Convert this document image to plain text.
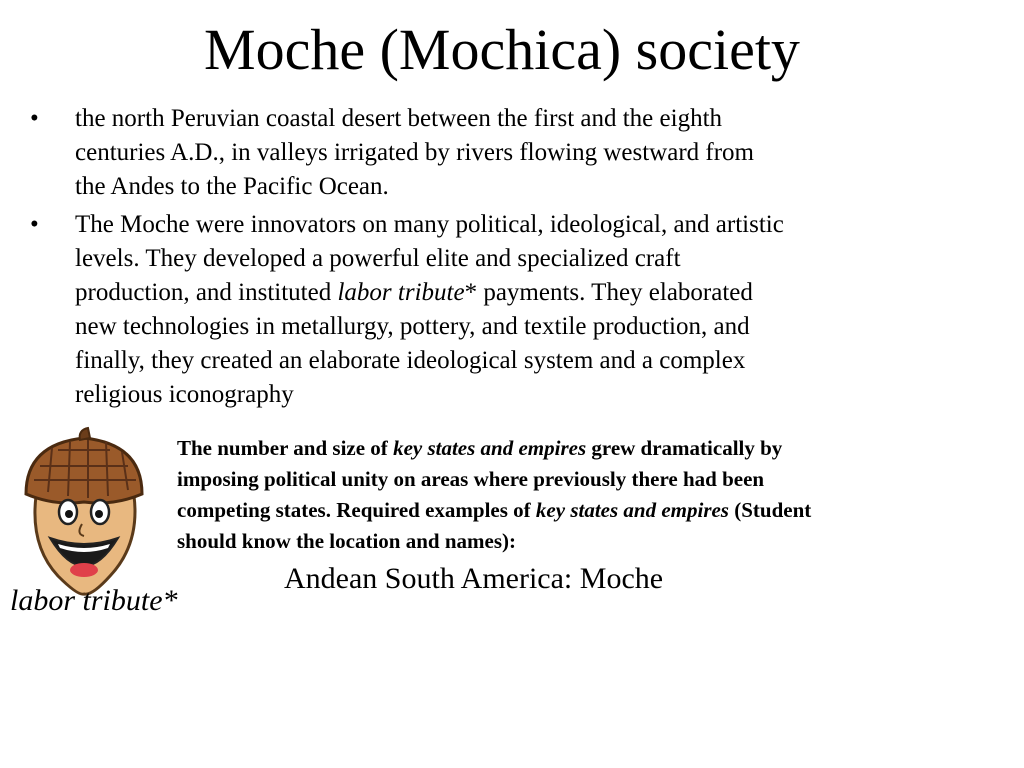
Moche (Mochica) society
• the north Peruvian coastal desert between the first and the eighth
centuries A.D., in valleys irrigated by rivers flowing westward from
the Andes to the Pacific Ocean.
• The Moche were innovators on many political, ideological, and artistic
levels. They developed a powerful elite and specialized craft
production, and instituted labor tribute* payments. They elaborated
new technologies in metallurgy, pottery, and textile production, and
finally, they created an elaborate ideological system and a complex
religious iconography
labor tribute*
The number and size of key states and empires grew dramatically by
imposing political unity on areas where previously there had been
competing states. Required examples of key states and empires (Student
should know the location and names):
Andean South America: Moche
